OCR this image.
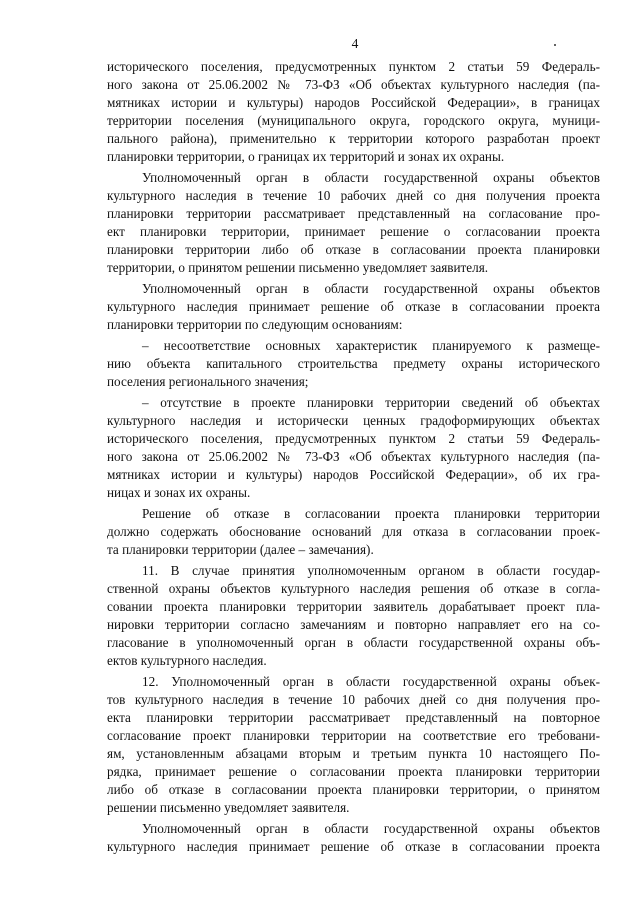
4
исторического поселения, предусмотренных пунктом 2 статьи 59 Федераль-
ного закона от 25.06.2002 № 73-ФЗ «Об объектах культурного наследия (па-
мятниках истории и культуры) народов Российской Федерации», в границах
территории поселения (муниципального округа, городского округа, муници-
пального района), применительно к территории которого разработан проект
планировки территории, о границах их территорий и зонах их охраны.
Уполномоченный орган в области государственной охраны объектов
культурного наследия в течение 10 рабочих дней со дня получения проекта
планировки территории рассматривает представленный на согласование про-
ект планировки территории, принимает решение о согласовании проекта
планировки территории либо об отказе в согласовании проекта планировки
территории, о принятом решении письменно уведомляет заявителя.
Уполномоченный орган в области государственной охраны объектов
культурного наследия принимает решение об отказе в согласовании проекта
планировки территории по следующим основаниям:
– несоответствие основных характеристик планируемого к размеще-
нию объекта капитального строительства предмету охраны исторического
поселения регионального значения;
– отсутствие в проекте планировки территории сведений об объектах
культурного наследия и исторически ценных градоформирующих объектах
исторического поселения, предусмотренных пунктом 2 статьи 59 Федераль-
ного закона от 25.06.2002 № 73-ФЗ «Об объектах культурного наследия (па-
мятниках истории и культуры) народов Российской Федерации», об их гра-
ницах и зонах их охраны.
Решение об отказе в согласовании проекта планировки территории
должно содержать обоснование оснований для отказа в согласовании проек-
та планировки территории (далее – замечания).
11. В случае принятия уполномоченным органом в области государ-
ственной охраны объектов культурного наследия решения об отказе в согла-
совании проекта планировки территории заявитель дорабатывает проект пла-
нировки территории согласно замечаниям и повторно направляет его на со-
гласование в уполномоченный орган в области государственной охраны объ-
ектов культурного наследия.
12. Уполномоченный орган в области государственной охраны объек-
тов культурного наследия в течение 10 рабочих дней со дня получения про-
екта планировки территории рассматривает представленный на повторное
согласование проект планировки территории на соответствие его требовани-
ям, установленным абзацами вторым и третьим пункта 10 настоящего По-
рядка, принимает решение о согласовании проекта планировки территории
либо об отказе в согласовании проекта планировки территории, о принятом
решении письменно уведомляет заявителя.
Уполномоченный орган в области государственной охраны объектов
культурного наследия принимает решение об отказе в согласовании проекта
